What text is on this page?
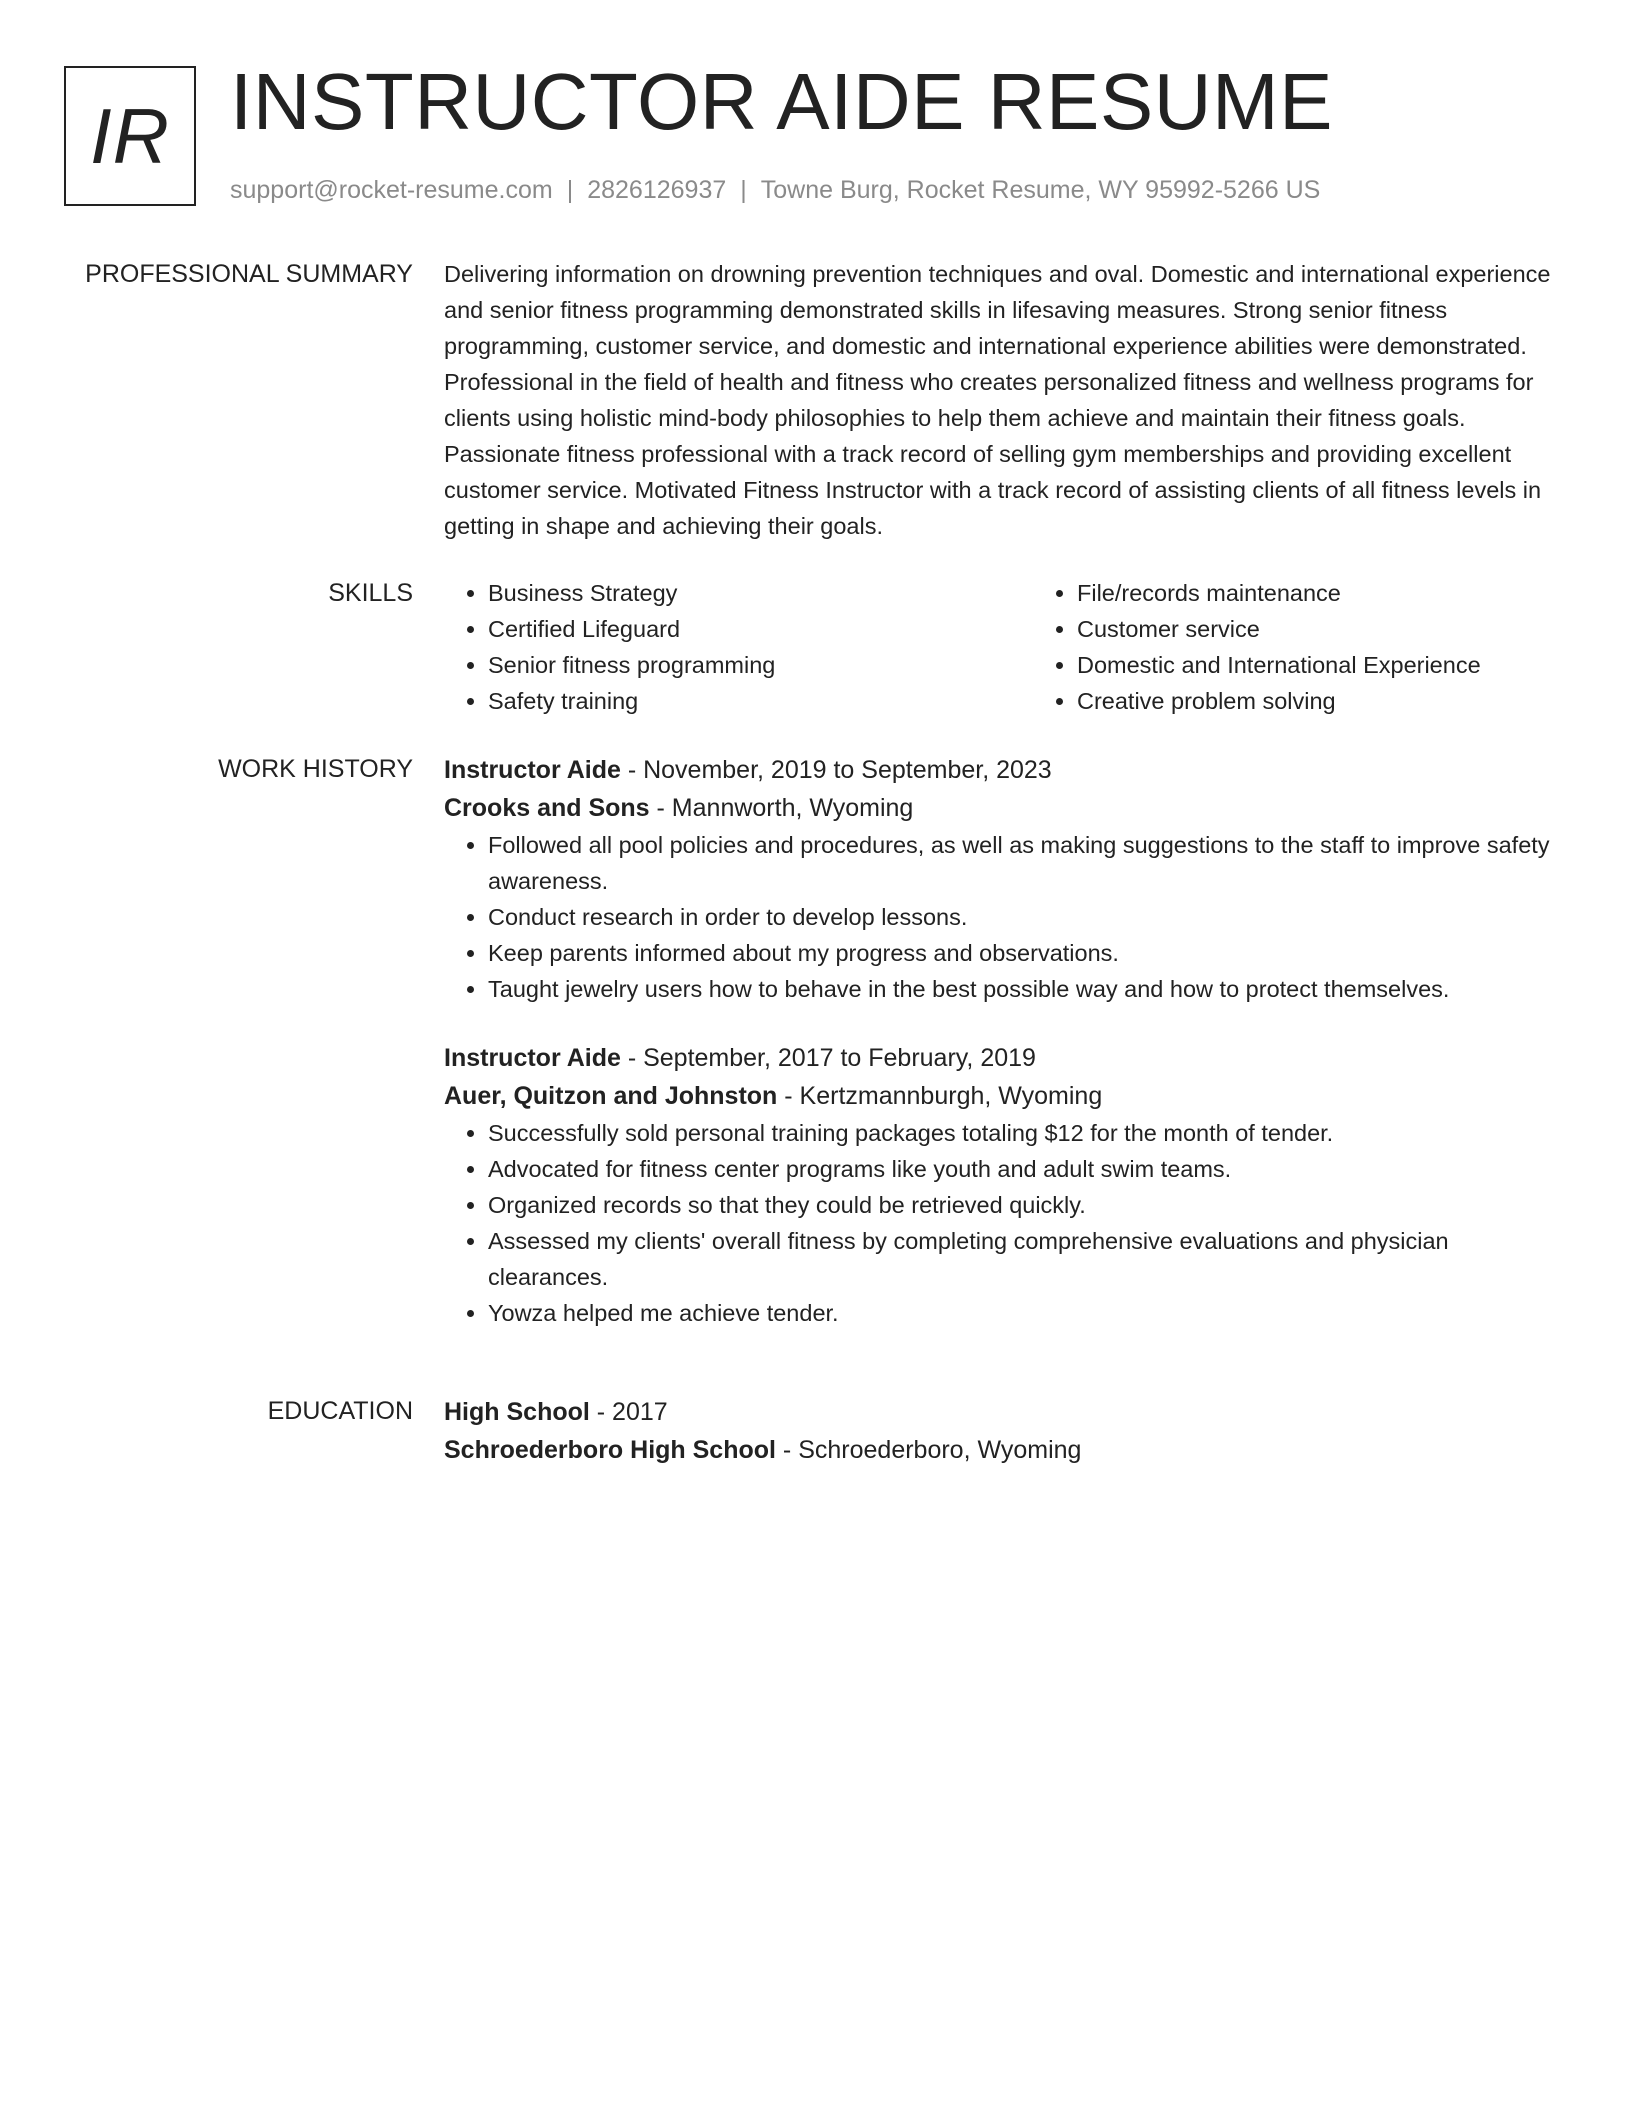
IR INSTRUCTOR AIDE RESUME
support@rocket-resume.com | 2826126937 | Towne Burg, Rocket Resume, WY 95992-5266 US
PROFESSIONAL SUMMARY Delivering information on drowning prevention techniques and oval. Domestic and international experience and senior fitness programming demonstrated skills in lifesaving measures. Strong senior fitness programming, customer service, and domestic and international experience abilities were demonstrated. Professional in the field of health and fitness who creates personalized fitness and wellness programs for clients using holistic mind-body philosophies to help them achieve and maintain their fitness goals. Passionate fitness professional with a track record of selling gym memberships and providing excellent customer service. Motivated Fitness Instructor with a track record of assisting clients of all fitness levels in getting in shape and achieving their goals.

SKILLS
•	Business Strategy
• Certified Lifeguard
• Senior fitness programming
• Safety training
• File/records maintenance
• Customer service
• Domestic and International Experience
• Creative problem solving
WORK HISTORY Instructor Aide - November, 2019 to September, 2023
Crooks and Sons - Mannworth, Wyoming
• Followed all pool policies and procedures, as well as making suggestions to the staff to improve safety awareness.
• Conduct research in order to develop lessons.
• Keep parents informed about my progress and observations.
• Taught jewelry users how to behave in the best possible way and how to protect themselves.
Instructor Aide - September, 2017 to February, 2019
Auer, Quitzon and Johnston - Kertzmannburgh, Wyoming
• Successfully sold personal training packages totaling $12 for the month of tender.
• Advocated for fitness center programs like youth and adult swim teams.
• Organized records so that they could be retrieved quickly.
• Assessed my clients' overall fitness by completing comprehensive evaluations and physician clearances.
• Yowza helped me achieve tender.
EDUCATION High School - 2017
Schroederboro High School - Schroederboro, Wyoming
